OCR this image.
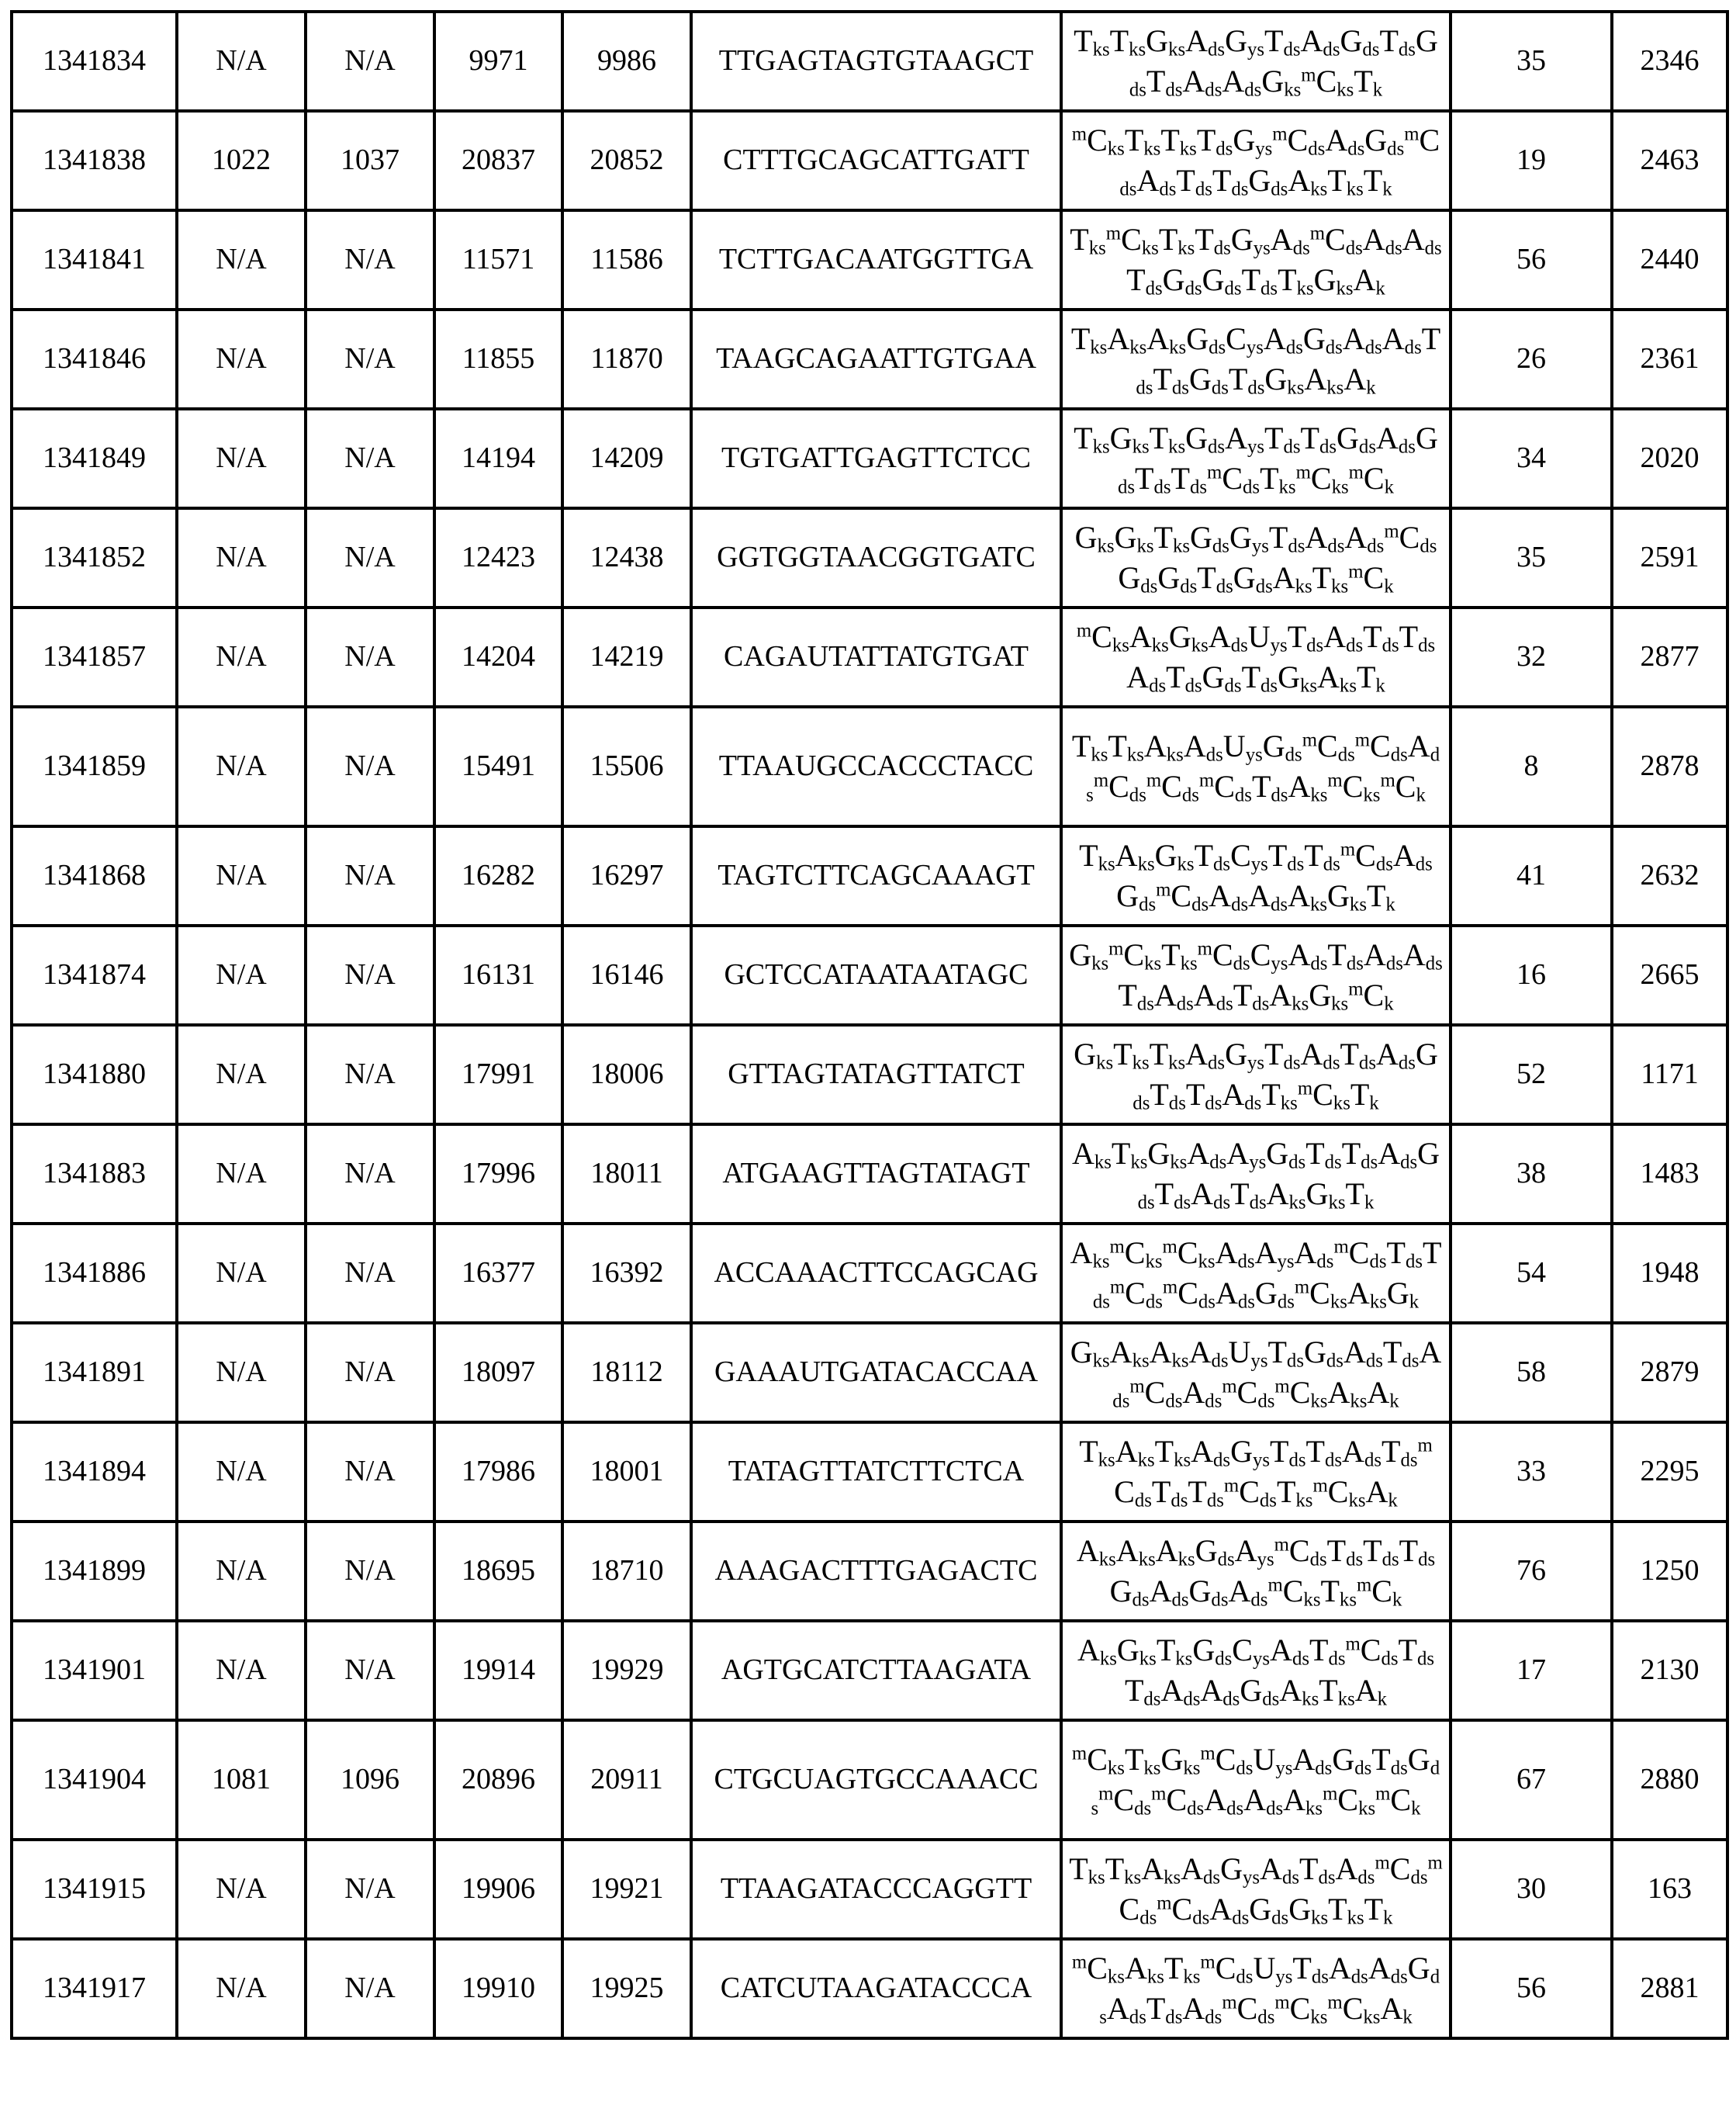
1341834	N/A	N/A	9971	9986	TTGAGTAGTGTAAGCT	TksTksGksAdsGysTdsAdsGdsTdsGdsTdsAdsAdsGksmCksTk	35	2346
1341838	1022	1037	20837	20852	CTTTGCAGCATTGATT	mCksTksTksTdsGysmCdsAdsGdsmCdsAdsTdsTdsGdsAksTksTk	19	2463
1341841	N/A	N/A	11571	11586	TCTTGACAATGGTTGA	TksmCksTksTdsGysAdsmCdsAdsAdsTdsGdsGdsTdsTksGksAk	56	2440
1341846	N/A	N/A	11855	11870	TAAGCAGAATTGTGAA	TksAksAksGdsCysAdsGdsAdsAdsTdsTdsGdsTdsGksAksAk	26	2361
1341849	N/A	N/A	14194	14209	TGTGATTGAGTTCTCC	TksGksTksGdsAysTdsTdsGdsAdsGdsTdsTdsmCdsTksmCksmCk	34	2020
1341852	N/A	N/A	12423	12438	GGTGGTAACGGTGATC	GksGksTksGdsGysTdsAdsAdsmCdsGdsGdsTdsGdsAksTksmCk	35	2591
1341857	N/A	N/A	14204	14219	CAGAUTATTATGTGAT	mCksAksGksAdsUysTdsAdsTdsTdsAdsTdsGdsTdsGksAksTk	32	2877
1341859	N/A	N/A	15491	15506	TTAAUGCCACCCTACC	TksTksAksAdsUysGdsmCdsmCdsAdsmCdsmCdsmCdsTdsAksmCksmCk	8	2878
1341868	N/A	N/A	16282	16297	TAGTCTTCAGCAAAGT	TksAksGksTdsCysTdsTdsmCdsAdsGdsmCdsAdsAdsAksGksTk	41	2632
1341874	N/A	N/A	16131	16146	GCTCCATAATAATAGC	GksmCksTksmCdsCysAdsTdsAdsAdsTdsAdsAdsTdsAksGksmCk	16	2665
1341880	N/A	N/A	17991	18006	GTTAGTATAGTTATCT	GksTksTksAdsGysTdsAdsTdsAdsGdsTdsTdsAdsTksmCksTk	52	1171
1341883	N/A	N/A	17996	18011	ATGAAGTTAGTATAGT	AksTksGksAdsAysGdsTdsTdsAdsGdsTdsAdsTdsAksGksTk	38	1483
1341886	N/A	N/A	16377	16392	ACCAAACTTCCAGCAG	AksmCksmCksAdsAysAdsmCdsTdsTdsmCdsmCdsAdsGdsmCksAksGk	54	1948
1341891	N/A	N/A	18097	18112	GAAAUTGATACACCAA	GksAksAksAdsUysTdsGdsAdsTdsAdsmCdsAdsmCdsmCksAksAk	58	2879
1341894	N/A	N/A	17986	18001	TATAGTTATCTTCTCA	TksAksTksAdsGysTdsTdsAdsTdsmCdsTdsTdsmCdsTksmCksAk	33	2295
1341899	N/A	N/A	18695	18710	AAAGACTTTGAGACTC	AksAksAksGdsAysmCdsTdsTdsTdsGdsAdsGdsAdsmCksTksmCk	76	1250
1341901	N/A	N/A	19914	19929	AGTGCATCTTAAGATA	AksGksTksGdsCysAdsTdsmCdsTdsTdsAdsAdsGdsAksTksAk	17	2130
1341904	1081	1096	20896	20911	CTGCUAGTGCCAAACC	mCksTksGksmCdsUysAdsGdsTdsGdsmCdsmCdsAdsAdsAksmCksmCk	67	2880
1341915	N/A	N/A	19906	19921	TTAAGATACCCAGGTT	TksTksAksAdsGysAdsTdsAdsmCdsmCdsmCdsAdsGdsGksTksTk	30	163
1341917	N/A	N/A	19910	19925	CATCUTAAGATACCCA	mCksAksTksmCdsUysTdsAdsAdsGdsAdsTdsAdsmCdsmCksmCksAk	56	2881
